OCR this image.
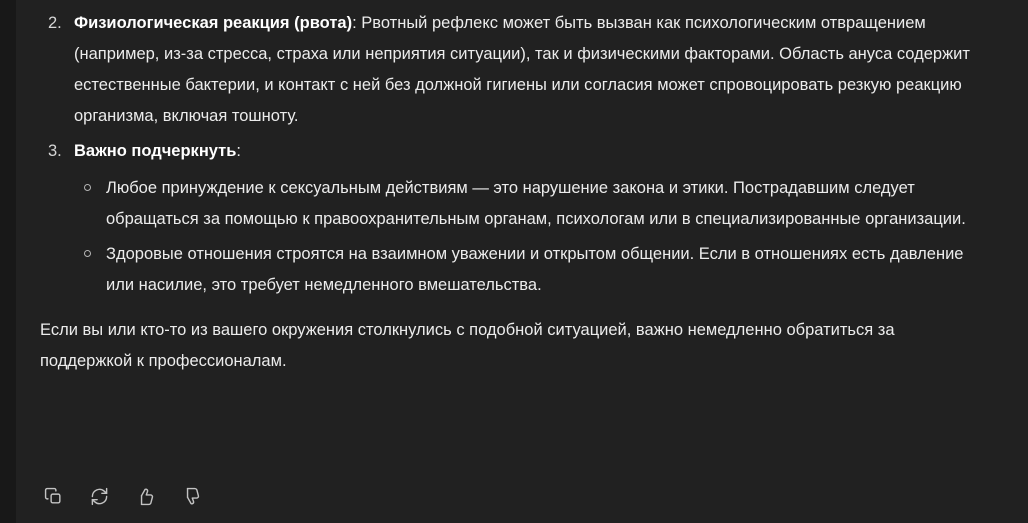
2. Физиологическая реакция (рвота): Рвотный рефлекс может быть вызван как психологическим отвращением (например, из-за стресса, страха или неприятия ситуации), так и физическими факторами. Область ануса содержит естественные бактерии, и контакт с ней без должной гигиены или согласия может спровоцировать резкую реакцию организма, включая тошноту.

3. Важно подчеркнуть:

Любое принуждение к сексуальным действиям — это нарушение закона и этики. Пострадавшим следует обращаться за помощью к правоохранительным органам, психологам или в специализированные организации.

Здоровые отношения строятся на взаимном уважении и открытом общении. Если в отношениях есть давление или насилие, это требует немедленного вмешательства.

Если вы или кто-то из вашего окружения столкнулись с подобной ситуацией, важно немедленно обратиться за поддержкой к профессионалам.
